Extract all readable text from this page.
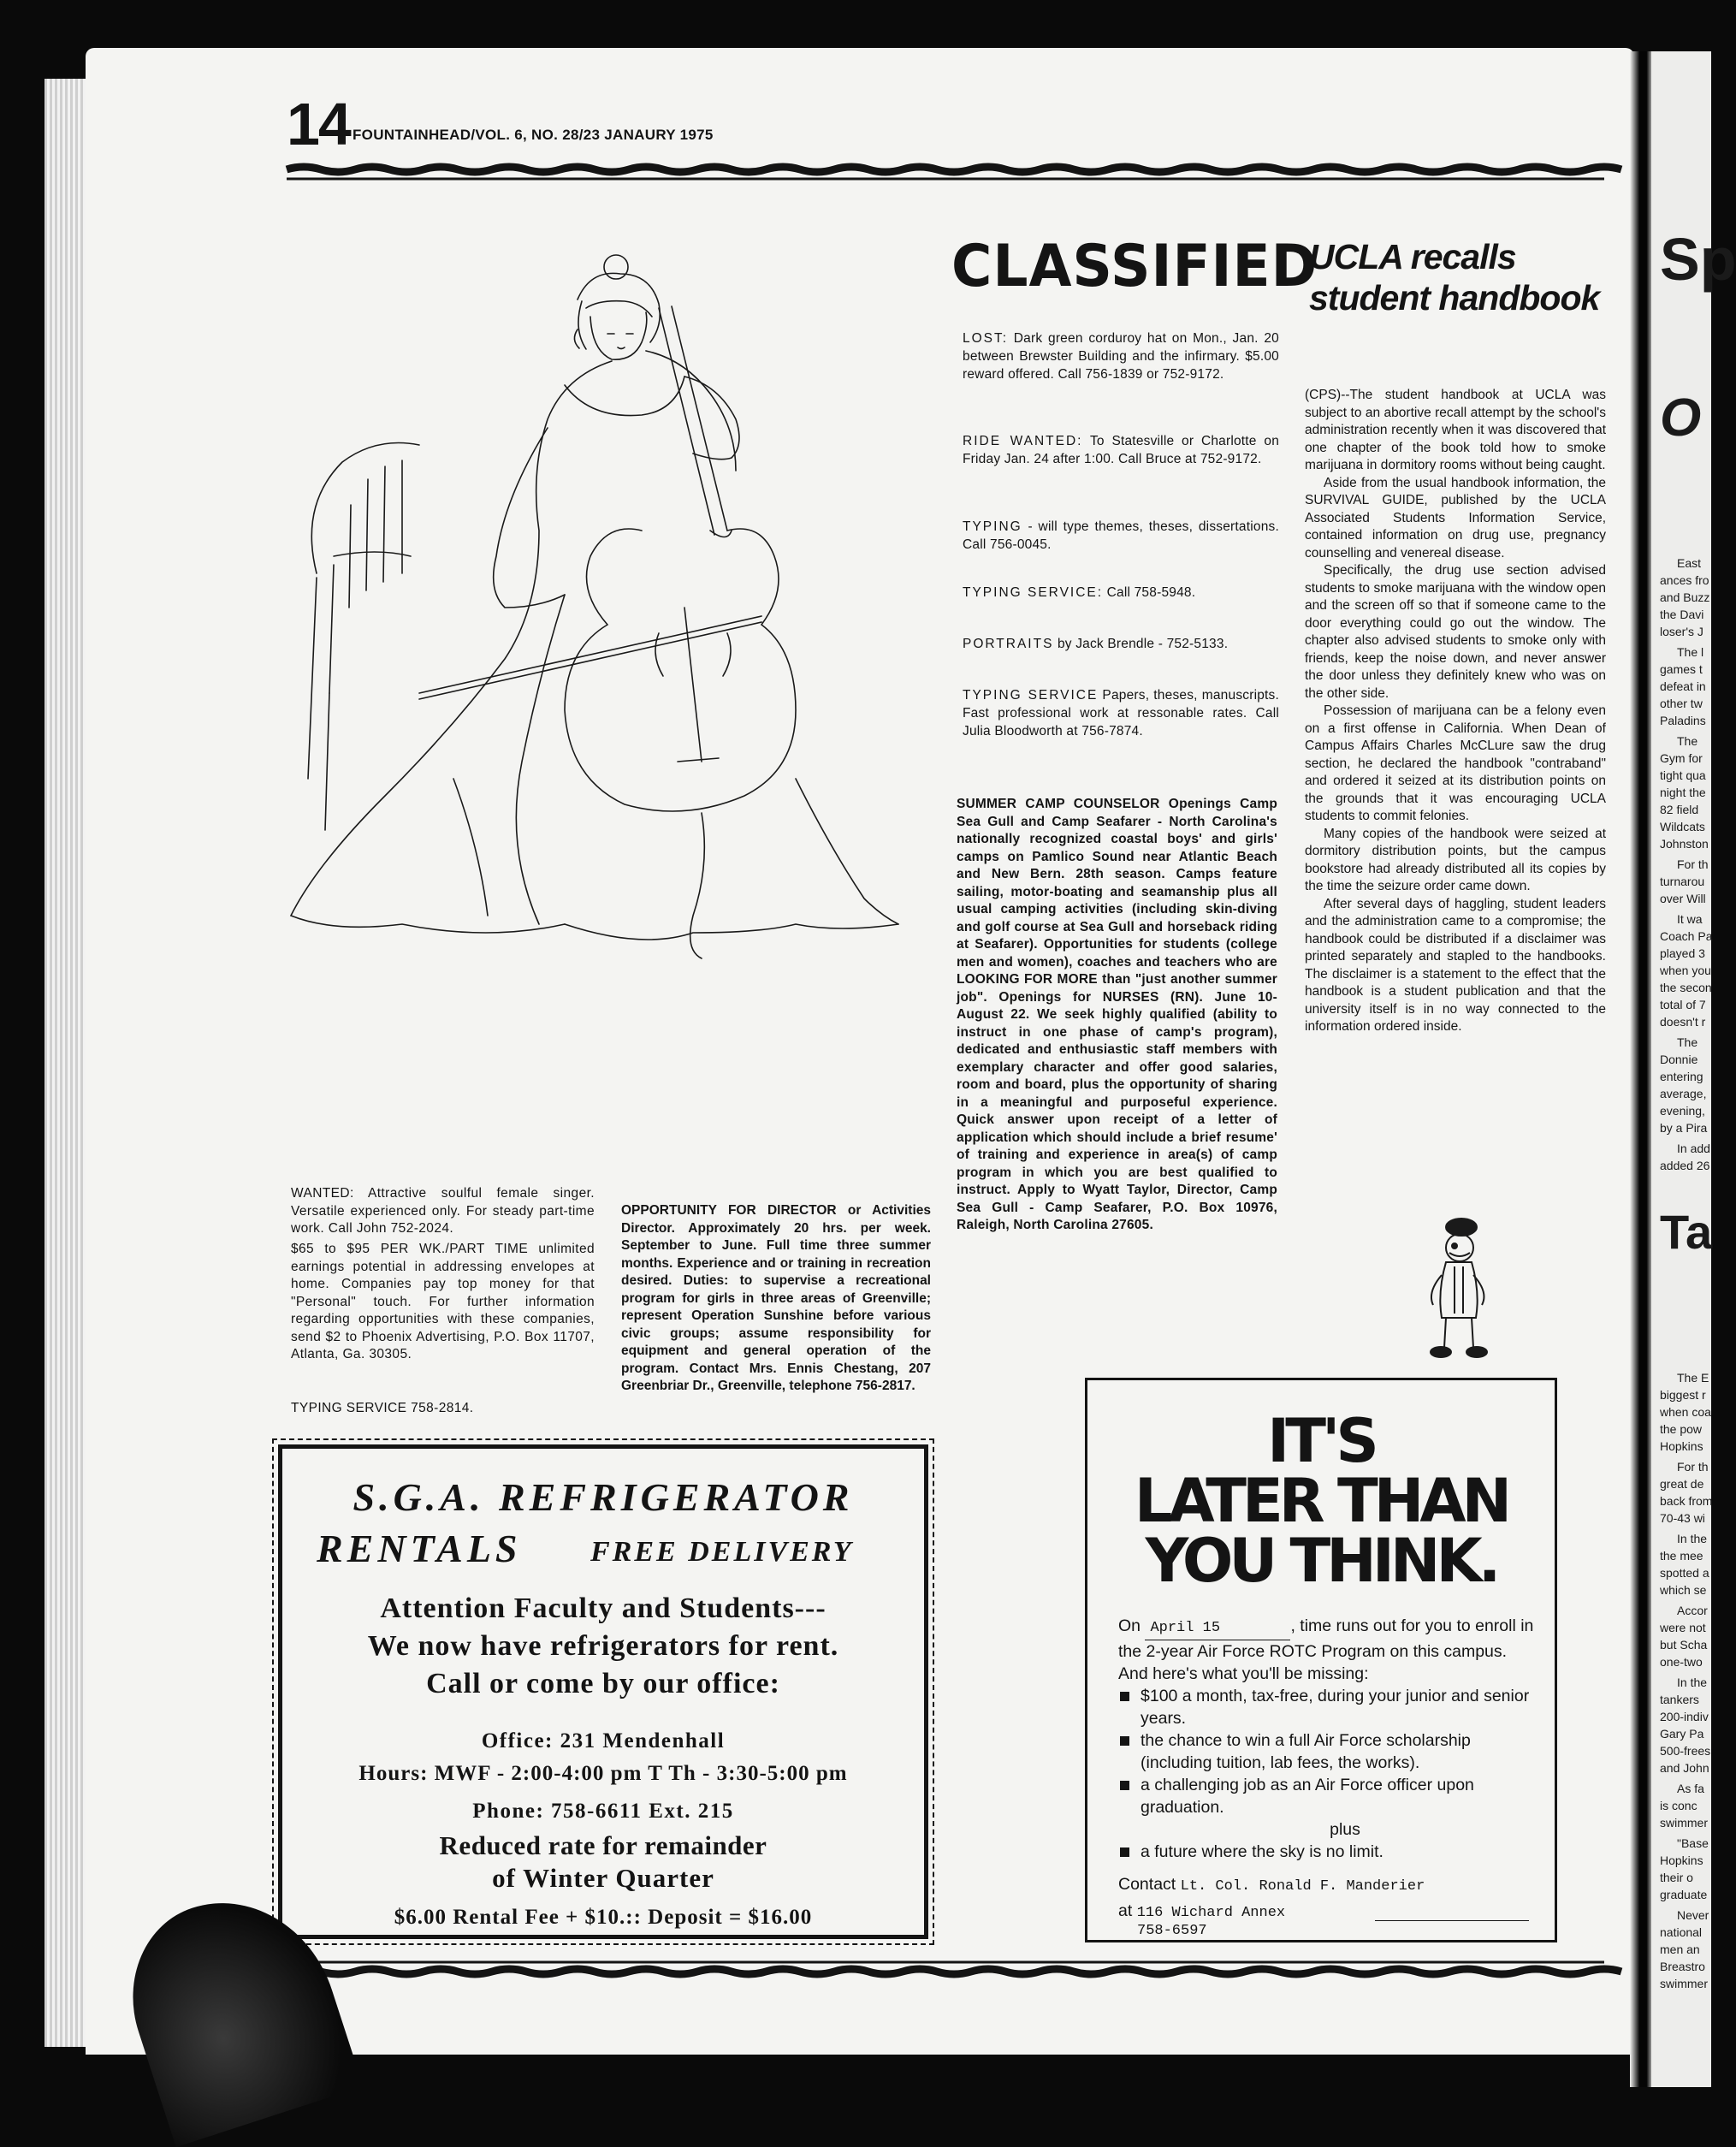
14 FOUNTAINHEAD/VOL. 6, NO. 28/23 JANAURY 1975
CLASSIFIED
LOST: Dark green corduroy hat on Mon., Jan. 20 between Brewster Building and the infirmary. $5.00 reward offered. Call 756-1839 or 752-9172.
RIDE WANTED: To Statesville or Charlotte on Friday Jan. 24 after 1:00. Call Bruce at 752-9172.
TYPING - will type themes, theses, dissertations. Call 756-0045.
TYPING SERVICE: Call 758-5948.
PORTRAITS by Jack Brendle - 752-5133.
TYPING SERVICE Papers, theses, manuscripts. Fast professional work at ressonable rates. Call Julia Bloodworth at 756-7874.
SUMMER CAMP COUNSELOR Openings Camp Sea Gull and Camp Seafarer - North Carolina's nationally recognized coastal boys' and girls' camps on Pamlico Sound near Atlantic Beach and New Bern. 28th season. Camps feature sailing, motor-boating and seamanship plus all usual camping activities (including skin-diving and golf course at Sea Gull and horseback riding at Seafarer). Opportunities for students (college men and women), coaches and teachers who are LOOKING FOR MORE than "just another summer job". Openings for NURSES (RN). June 10-August 22. We seek highly qualified (ability to instruct in one phase of camp's program), dedicated and enthusiastic staff members with exemplary character and offer good salaries, room and board, plus the opportunity of sharing in a meaningful and purposeful experience. Quick answer upon receipt of a letter of application which should include a brief resume' of training and experience in area(s) of camp program in which you are best qualified to instruct. Apply to Wyatt Taylor, Director, Camp Sea Gull - Camp Seafarer, P.O. Box 10976, Raleigh, North Carolina 27605.
UCLA recalls
student handbook

(CPS)--The student handbook at UCLA was subject to an abortive recall attempt by the school's administration recently when it was discovered that one chapter of the book told how to smoke marijuana in dormitory rooms without being caught.

Aside from the usual handbook information, the SURVIVAL GUIDE, published by the UCLA Associated Students Information Service, contained information on drug use, pregnancy counselling and venereal disease.

Specifically, the drug use section advised students to smoke marijuana with the window open and the screen off so that if someone came to the door everything could go out the window. The chapter also advised students to smoke only with friends, keep the noise down, and never answer the door unless they definitely knew who was on the other side.

Possession of marijuana can be a felony even on a first offense in California. When Dean of Campus Affairs Charles McCLure saw the drug section, he declared the handbook "contraband" and ordered it seized at its distribution points on the grounds that it was encouraging UCLA students to commit felonies.

Many copies of the handbook were seized at dormitory distribution points, but the campus bookstore had already distributed all its copies by the time the seizure order came down.

After several days of haggling, student leaders and the administration came to a compromise; the handbook could be distributed if a disclaimer was printed separately and stapled to the handbooks. The disclaimer is a statement to the effect that the handbook is a student publication and that the university itself is in no way connected to the information ordered inside.

WANTED: Attractive soulful female singer. Versatile experienced only. For steady part-time work. Call John 752-2024.
$65 to $95 PER WK./PART TIME unlimited earnings potential in addressing envelopes at home. Companies pay top money for that "Personal" touch. For further information regarding opportunities with these companies, send $2 to Phoenix Advertising, P.O. Box 11707, Atlanta, Ga. 30305.
TYPING SERVICE 758-2814.
OPPORTUNITY FOR DIRECTOR or Activities Director. Approximately 20 hrs. per week. September to June. Full time three summer months. Experience and or training in recreation desired. Duties: to supervise a recreational program for girls in three areas of Greenville; represent Operation Sunshine before various civic groups; assume responsibility for equipment and general operation of the program. Contact Mrs. Ennis Chestang, 207 Greenbriar Dr., Greenville, telephone 756-2817.
S.G.A. REFRIGERATOR
RENTALS FREE DELIVERY
Attention Faculty and Students---
We now have refrigerators for rent.
Call or come by our office:
Office: 231 Mendenhall
Hours: MWF - 2:00-4:00 pm T Th - 3:30-5:00 pm
Phone: 758-6611 Ext. 215
Reduced rate for remainder
of Winter Quarter
$6.00 Rental Fee + $10.:: Deposit = $16.00
IT'S
LATER THAN
YOU THINK.
On April 15	, time runs out for you to enroll in the 2-year Air Force ROTC Program on this campus. And here's what you'll be missing:
$100 a month, tax-free, during your junior and senior years.
the chance to win a full Air Force scholarship (including tuition, lab fees, the works).
a challenging job as an Air Force officer upon graduation.
plus
a future where the sky is no limit.
Contact Lt. Col. Ronald F. Manderier
at 116 Wichard Annex
758-6597
Sp
O
East
ances fro
and Buzz
the Davi
loser's J
The l
games t
defeat in
other tw
Paladins
The
Gym for
tight qua
night the
82 field
Wildcats
Johnston
For th
turnarou
over Will
It wa
Coach Pa
played 3
when you
the secon
total of 7
doesn't r
The
Donnie
entering
average,
evening,
by a Pira
In add
added 26
Ta
The E
biggest r
when coa
the pow
Hopkins
For th
great de
back from
70-43 wi
In the
the mee
spotted a
which se
Accor
were not
but Scha
one-two
In the
tankers
200-indiv
Gary Pa
500-frees
and John
As fa
is conc
swimmer
"Base
Hopkins
their o
graduate
Never
national
men an
Breastro
swimmer
